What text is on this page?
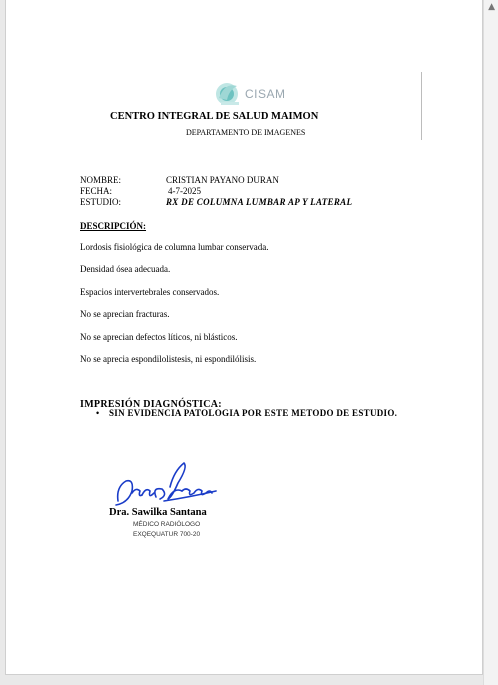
CISAM
CENTRO INTEGRAL DE SALUD MAIMON
DEPARTAMENTO DE IMAGENES
NOMBRE:	CRISTIAN PAYANO DURAN
FECHA:	4-7-2025
ESTUDIO:	RX DE COLUMNA LUMBAR AP Y LATERAL
DESCRIPCIÓN:
Lordosis fisiológica de columna lumbar conservada.
Densidad ósea adecuada.
Espacios intervertebrales conservados.
No se aprecian fracturas.
No se aprecian defectos líticos, ni blásticos.
No se aprecia espondilolistesis, ni espondilólisis.
IMPRESIÓN DIAGNÓSTICA:
• SIN EVIDENCIA PATOLOGIA POR ESTE METODO DE ESTUDIO.
Dra. Sawilka Santana
MÉDICO RADIÓLOGO
EXQEQUATUR 700-20
▲
